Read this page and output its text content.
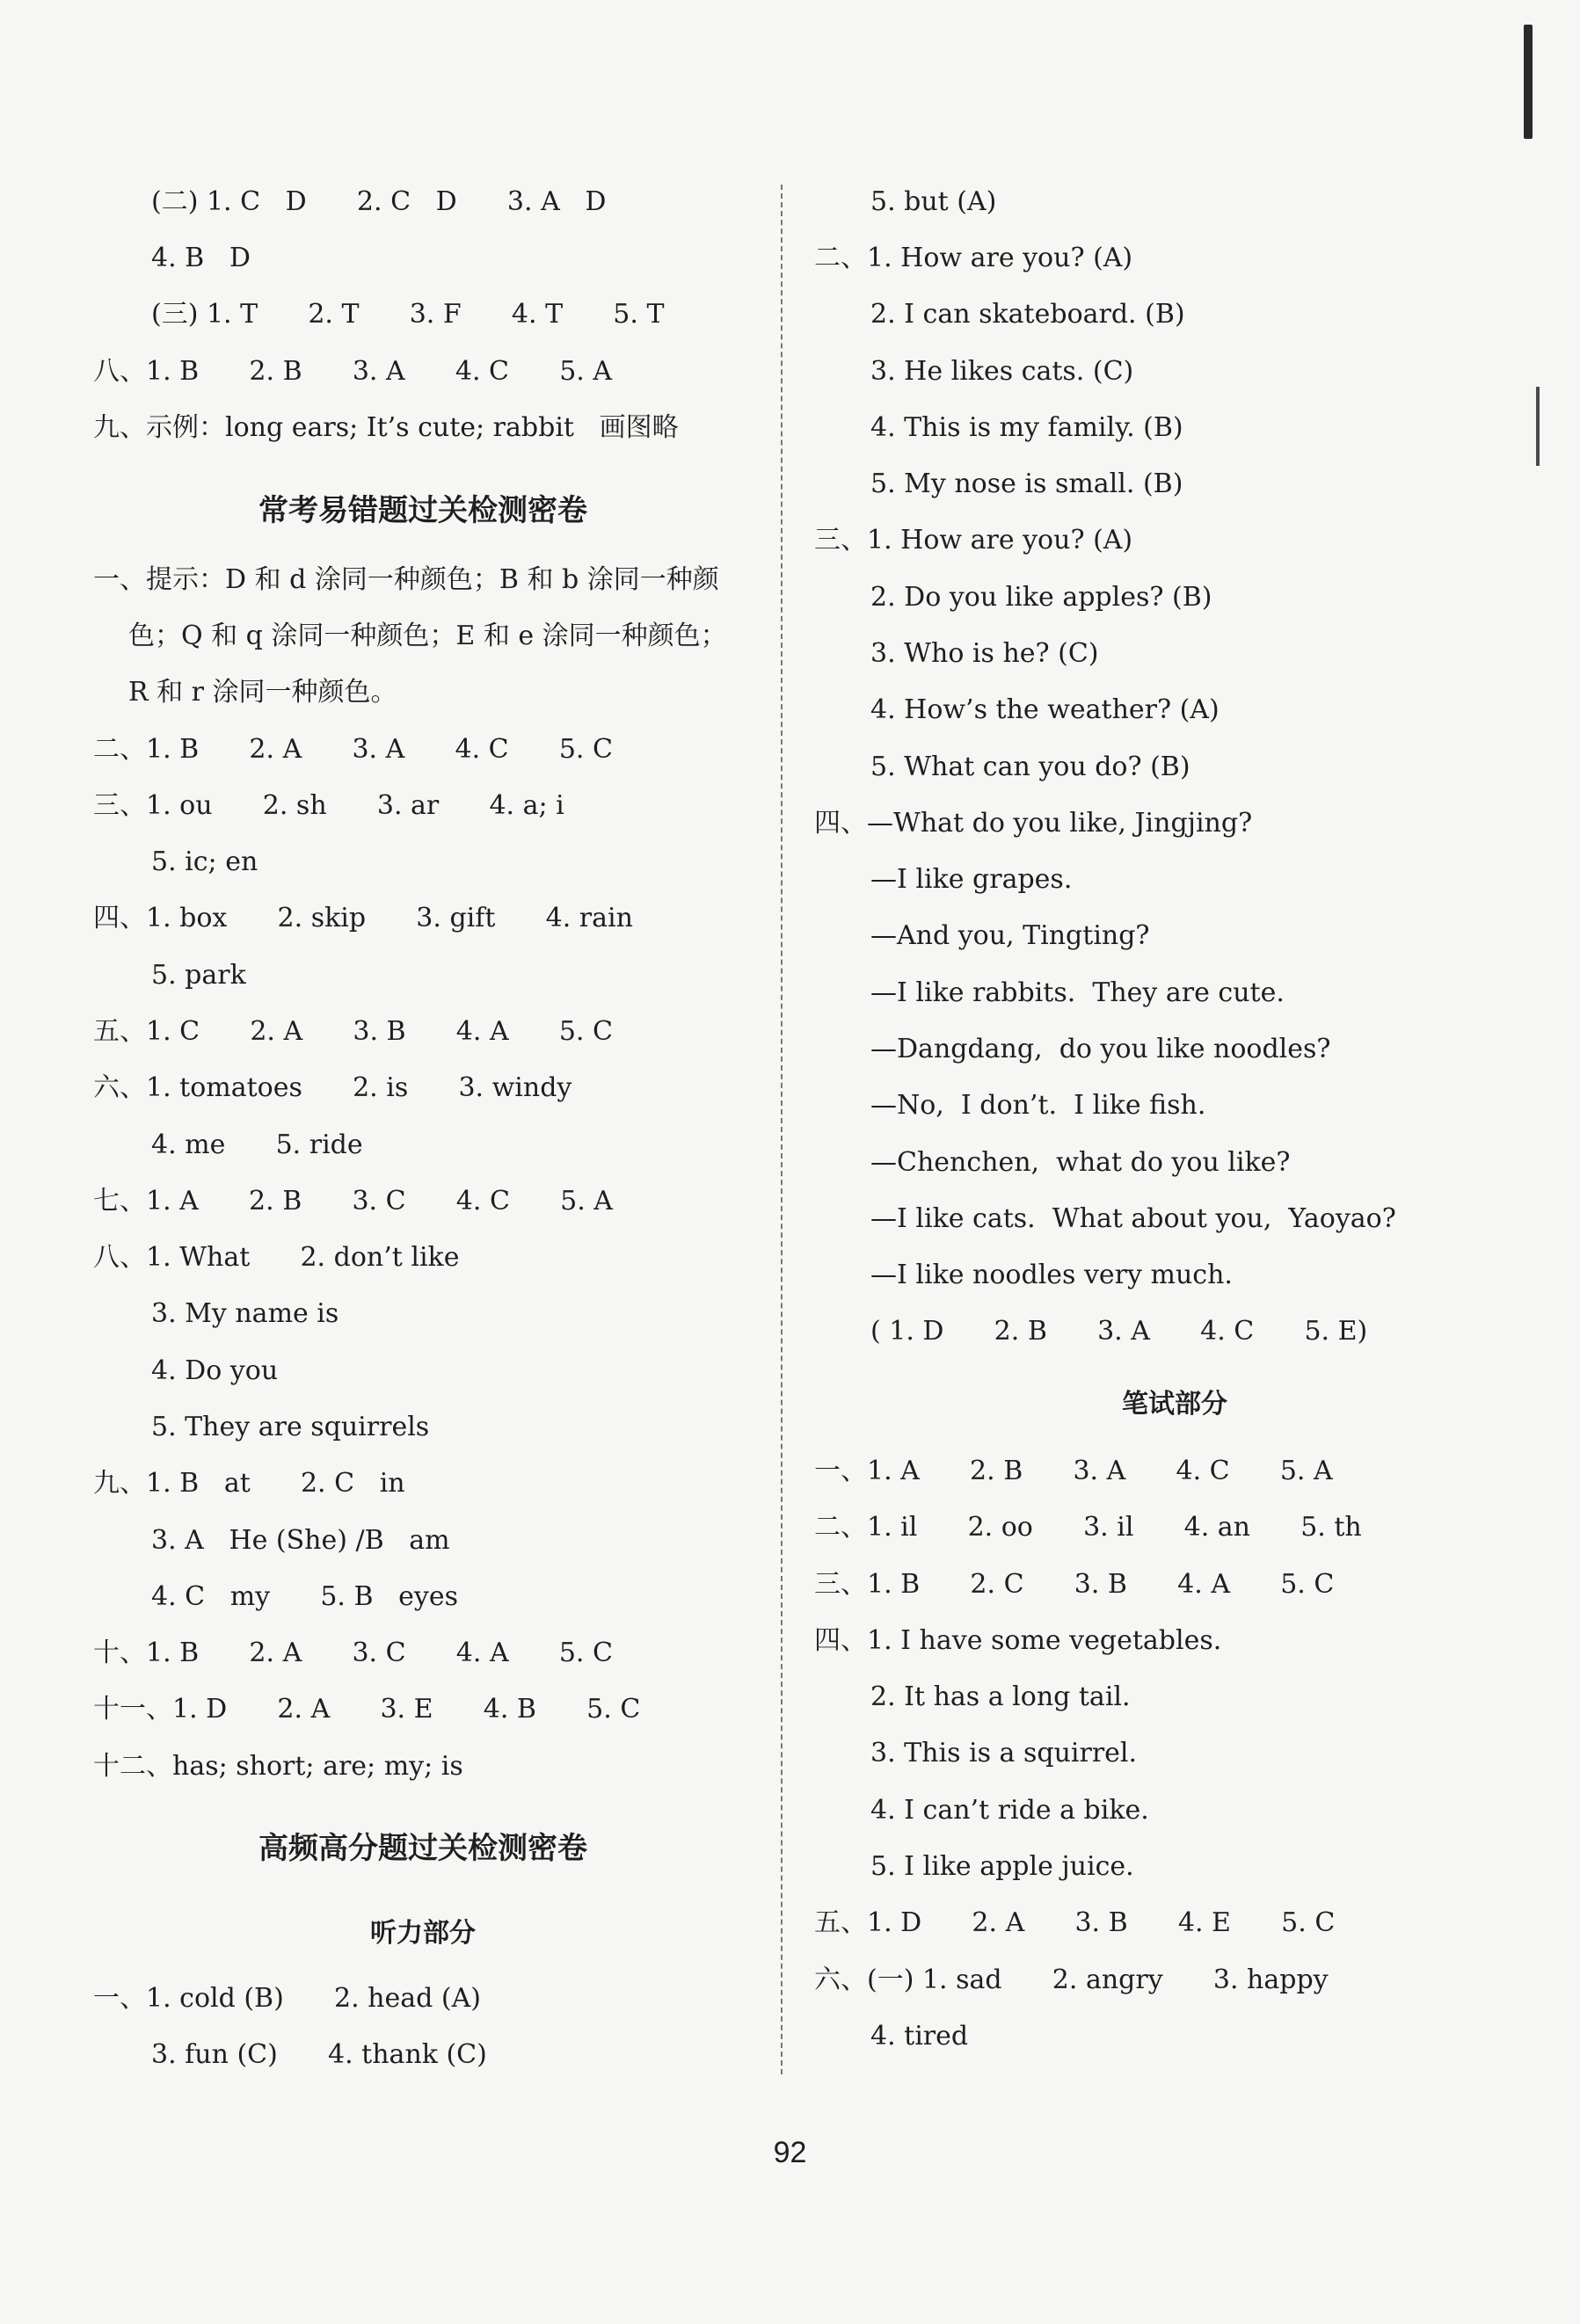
(二) 1. C   D      2. C   D      3. A   D
4. B   D
(三) 1. T      2. T      3. F      4. T      5. T
八、1. B      2. B      3. A      4. C      5. A
九、示例：long ears; It’s cute; rabbit   画图略
常考易错题过关检测密卷
一、提示：D 和 d 涂同一种颜色；B 和 b 涂同一种颜
色；Q 和 q 涂同一种颜色；E 和 e 涂同一种颜色；
R 和 r 涂同一种颜色。
二、1. B      2. A      3. A      4. C      5. C
三、1. ou      2. sh      3. ar      4. a; i
5. ic; en
四、1. box      2. skip      3. gift      4. rain
5. park
五、1. C      2. A      3. B      4. A      5. C
六、1. tomatoes      2. is      3. windy
4. me      5. ride
七、1. A      2. B      3. C      4. C      5. A
八、1. What      2. don’t like
3. My name is
4. Do you
5. They are squirrels
九、1. B   at      2. C   in
3. A   He (She) /B   am
4. C   my      5. B   eyes
十、1. B      2. A      3. C      4. A      5. C
十一、1. D      2. A      3. E      4. B      5. C
十二、has; short; are; my; is
高频高分题过关检测密卷
听力部分
一、1. cold (B)      2. head (A)
3. fun (C)      4. thank (C)
5. but (A)
二、1. How are you? (A)
2. I can skateboard. (B)
3. He likes cats. (C)
4. This is my family. (B)
5. My nose is small. (B)
三、1. How are you? (A)
2. Do you like apples? (B)
3. Who is he? (C)
4. How’s the weather? (A)
5. What can you do? (B)
四、—What do you like, Jingjing?
—I like grapes.
—And you, Tingting?
—I like rabbits.  They are cute.
—Dangdang,  do you like noodles?
—No,  I don’t.  I like fish.
—Chenchen,  what do you like?
—I like cats.  What about you,  Yaoyao?
—I like noodles very much.
( 1. D      2. B      3. A      4. C      5. E)
笔试部分
一、1. A      2. B      3. A      4. C      5. A
二、1. il      2. oo      3. il      4. an      5. th
三、1. B      2. C      3. B      4. A      5. C
四、1. I have some vegetables.
2. It has a long tail.
3. This is a squirrel.
4. I can’t ride a bike.
5. I like apple juice.
五、1. D      2. A      3. B      4. E      5. C
六、(一) 1. sad      2. angry      3. happy
4. tired
92
